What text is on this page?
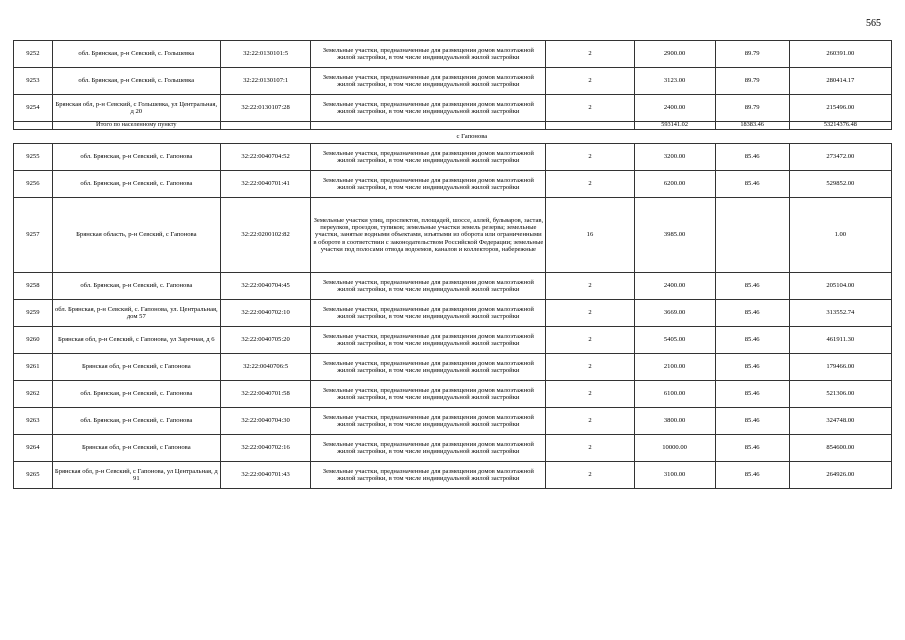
565
9252	обл. Брянская, р-н Севский, с. Гольшевка	32:22:0130101:5	Земельные участки, предназначенные для размещения домов малоэтажной жилой застройки, в том числе индивидуальной жилой застройки	2	2900.00	89.79	260391.00
9253	обл. Брянская, р-н Севский, с. Гольшевка	32:22:0130107:1	Земельные участки, предназначенные для размещения домов малоэтажной жилой застройки, в том числе индивидуальной жилой застройки	2	3123.00	89.79	280414.17
9254	Брянская обл, р-н Севский, с Гольшевка, ул Центральная, д 20	32:22:0130107:28	Земельные участки, предназначенные для размещения домов малоэтажной жилой застройки, в том числе индивидуальной жилой застройки	2	2400.00	89.79	215496.00
	Итого по населенному пункту				593141.02	18383.46	53214376.48
	с Гапонова						
9255	обл. Брянская, р-н Севский, с. Гапонова	32:22:0040704:52	Земельные участки, предназначенные для размещения домов малоэтажной жилой застройки, в том числе индивидуальной жилой застройки	2	3200.00	85.46	273472.00
9256	обл. Брянская, р-н Севский, с. Гапонова	32:22:0040701:41	Земельные участки, предназначенные для размещения домов малоэтажной жилой застройки, в том числе индивидуальной жилой застройки	2	6200.00	85.46	529852.00
9257	Брянская область, р-н Севский, с Гапонова	32:22:0200102:82	Земельные участки улиц, проспектов, площадей, шоссе, аллей, бульваров, застав, переулков, проездов, тупиков; земельные участки земель резерва; земельные участки, занятые водными объектами, изъятыми из оборота или ограниченными в обороте в соответствии с законодательством Российской Федерации; земельные участки под полосами отвода водоемов, каналов и коллекторов, набережные	16	3985.00		1.00
9258	обл. Брянская, р-н Севский, с. Гапонова	32:22:0040704:45	Земельные участки, предназначенные для размещения домов малоэтажной жилой застройки, в том числе индивидуальной жилой застройки	2	2400.00	85.46	205104.00
9259	обл. Брянская, р-н Севский, с. Гапонова, ул. Центральная, дом 57	32:22:0040702:10	Земельные участки, предназначенные для размещения домов малоэтажной жилой застройки, в том числе индивидуальной жилой застройки	2	3669.00	85.46	313552.74
9260	Брянская обл, р-н Севский, с Гапонова, ул Заречная, д 6	32:22:0040705:20	Земельные участки, предназначенные для размещения домов малоэтажной жилой застройки, в том числе индивидуальной жилой застройки	2	5405.00	85.46	461911.30
9261	Брянская обл, р-н Севский, с Гапонова	32:22:0040706:5	Земельные участки, предназначенные для размещения домов малоэтажной жилой застройки, в том числе индивидуальной жилой застройки	2	2100.00	85.46	179466.00
9262	обл. Брянская, р-н Севский, с. Гапонова	32:22:0040701:58	Земельные участки, предназначенные для размещения домов малоэтажной жилой застройки, в том числе индивидуальной жилой застройки	2	6100.00	85.46	521306.00
9263	обл. Брянская, р-н Севский, с. Гапонова	32:22:0040704:30	Земельные участки, предназначенные для размещения домов малоэтажной жилой застройки, в том числе индивидуальной жилой застройки	2	3800.00	85.46	324748.00
9264	Брянская обл, р-н Севский, с Гапонова	32:22:0040702:16	Земельные участки, предназначенные для размещения домов малоэтажной жилой застройки, в том числе индивидуальной жилой застройки	2	10000.00	85.46	854600.00
9265	Брянская обл, р-н Севский, с Гапонова, ул Центральная, д 91	32:22:0040701:43	Земельные участки, предназначенные для размещения домов малоэтажной жилой застройки, в том числе индивидуальной жилой застройки	2	3100.00	85.46	264926.00
